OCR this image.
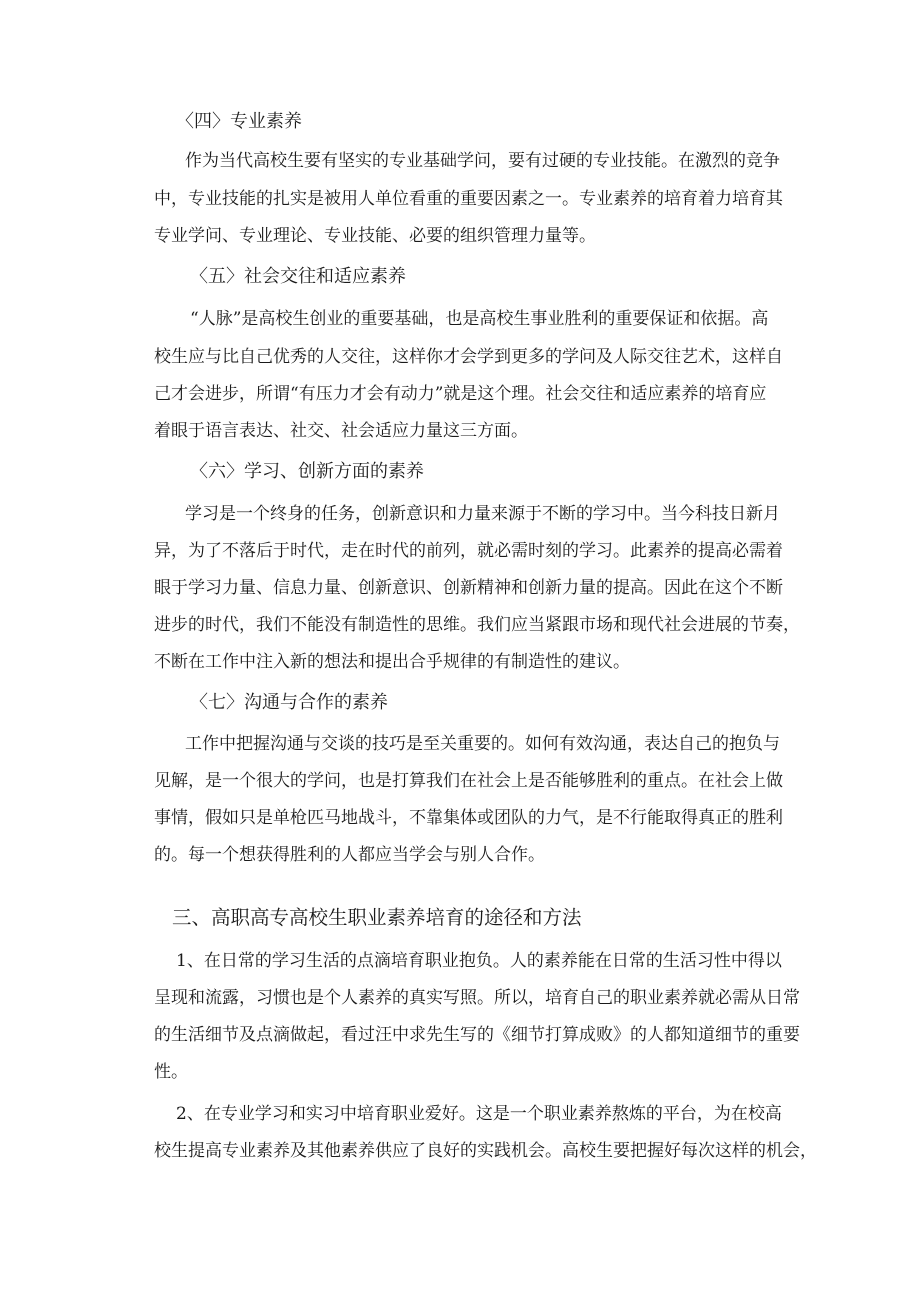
〈四〉专业素养

作为当代高校生要有坚实的专业基础学问，要有过硬的专业技能。在激烈的竞争

中，专业技能的扎实是被用人单位看重的重要因素之一。专业素养的培育着力培育其

专业学问、专业理论、专业技能、必要的组织管理力量等。

〈五〉社会交往和适应素养

“人脉”是高校生创业的重要基础，也是高校生事业胜利的重要保证和依据。高

校生应与比自己优秀的人交往，这样你才会学到更多的学问及人际交往艺术，这样自

己才会进步，所谓“有压力才会有动力”就是这个理。社会交往和适应素养的培育应

着眼于语言表达、社交、社会适应力量这三方面。

〈六〉学习、创新方面的素养

学习是一个终身的任务，创新意识和力量来源于不断的学习中。当今科技日新月

异，为了不落后于时代，走在时代的前列，就必需时刻的学习。此素养的提高必需着

眼于学习力量、信息力量、创新意识、创新精神和创新力量的提高。因此在这个不断

进步的时代，我们不能没有制造性的思维。我们应当紧跟市场和现代社会进展的节奏，

不断在工作中注入新的想法和提出合乎规律的有制造性的建议。

〈七〉沟通与合作的素养

工作中把握沟通与交谈的技巧是至关重要的。如何有效沟通，表达自己的抱负与

见解，是一个很大的学问，也是打算我们在社会上是否能够胜利的重点。在社会上做

事情，假如只是单枪匹马地战斗，不靠集体或团队的力气，是不行能取得真正的胜利

的。每一个想获得胜利的人都应当学会与别人合作。

三、高职高专高校生职业素养培育的途径和方法

1、在日常的学习生活的点滴培育职业抱负。人的素养能在日常的生活习性中得以

呈现和流露，习惯也是个人素养的真实写照。所以，培育自己的职业素养就必需从日常

的生活细节及点滴做起，看过汪中求先生写的《细节打算成败》的人都知道细节的重要

性。

2、在专业学习和实习中培育职业爱好。这是一个职业素养熬炼的平台，为在校高

校生提高专业素养及其他素养供应了良好的实践机会。高校生要把握好每次这样的机会，
